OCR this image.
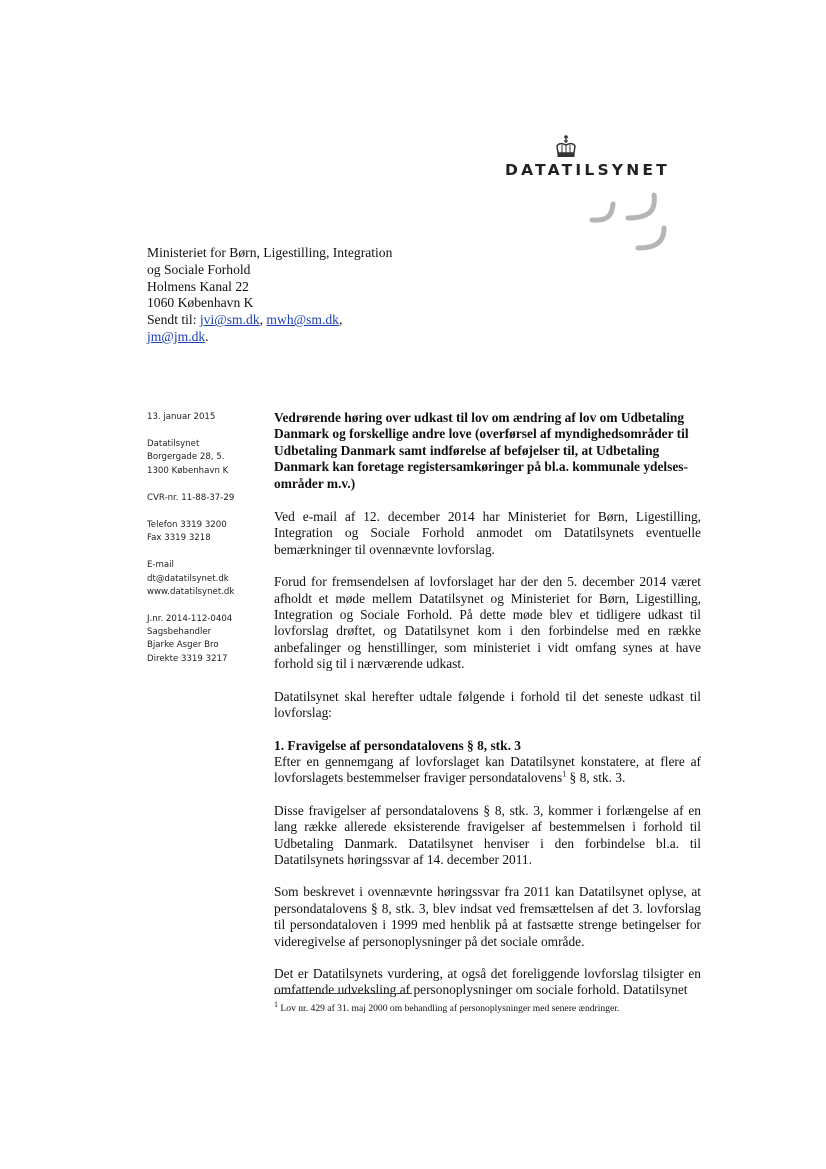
DATATILSYNET
Ministeriet for Børn, Ligestilling, Integration
og Sociale Forhold
Holmens Kanal 22
1060 København K
Sendt til: jvi@sm.dk, mwh@sm.dk,
jm@jm.dk.
13. januar 2015
Datatilsynet
Borgergade 28, 5.
1300 København K
CVR-nr. 11-88-37-29
Telefon 3319 3200
Fax 3319 3218
E-mail
dt@datatilsynet.dk
www.datatilsynet.dk
J.nr. 2014-112-0404
Sagsbehandler
Bjarke Asger Bro
Direkte 3319 3217

Vedrørende høring over udkast til lov om ændring af lov om Udbetaling Danmark og forskellige andre love (overførsel af myndighedsområder til Udbetaling Danmark samt indførelse af beføjelser til, at Udbetaling Danmark kan foretage registersamkøringer på bl.a. kommunale ydelses-områder m.v.)

Ved e-mail af 12. december 2014 har Ministeriet for Børn, Ligestilling, Integration og Sociale Forhold anmodet om Datatilsynets eventuelle bemærkninger til ovennævnte lovforslag.

Forud for fremsendelsen af lovforslaget har der den 5. december 2014 været afholdt et møde mellem Datatilsynet og Ministeriet for Børn, Ligestilling, Integration og Sociale Forhold. På dette møde blev et tidligere udkast til lovforslag drøftet, og Datatilsynet kom i den forbindelse med en række anbefalinger og henstillinger, som ministeriet i vidt omfang synes at have forhold sig til i nærværende udkast.

Datatilsynet skal herefter udtale følgende i forhold til det seneste udkast til lovforslag:

1. Fravigelse af persondatalovens § 8, stk. 3

Efter en gennemgang af lovforslaget kan Datatilsynet konstatere, at flere af lovforslagets bestemmelser fraviger persondatalovens$^1$ § 8, stk. 3.

Disse fravigelser af persondatalovens § 8, stk. 3, kommer i forlængelse af en lang række allerede eksisterende fravigelser af bestemmelsen i forhold til Udbetaling Danmark. Datatilsynet henviser i den forbindelse bl.a. til Datatilsynets høringssvar af 14. december 2011.

Som beskrevet i ovennævnte høringssvar fra 2011 kan Datatilsynet oplyse, at persondatalovens § 8, stk. 3, blev indsat ved fremsættelsen af det 3. lovforslag til persondataloven i 1999 med henblik på at fastsætte strenge betingelser for videregivelse af personoplysninger på det sociale område.

Det er Datatilsynets vurdering, at også det foreliggende lovforslag tilsigter en omfattende udveksling af personoplysninger om sociale forhold. Datatilsynet

$^1$ Lov nr. 429 af 31. maj 2000 om behandling af personoplysninger med senere ændringer.
